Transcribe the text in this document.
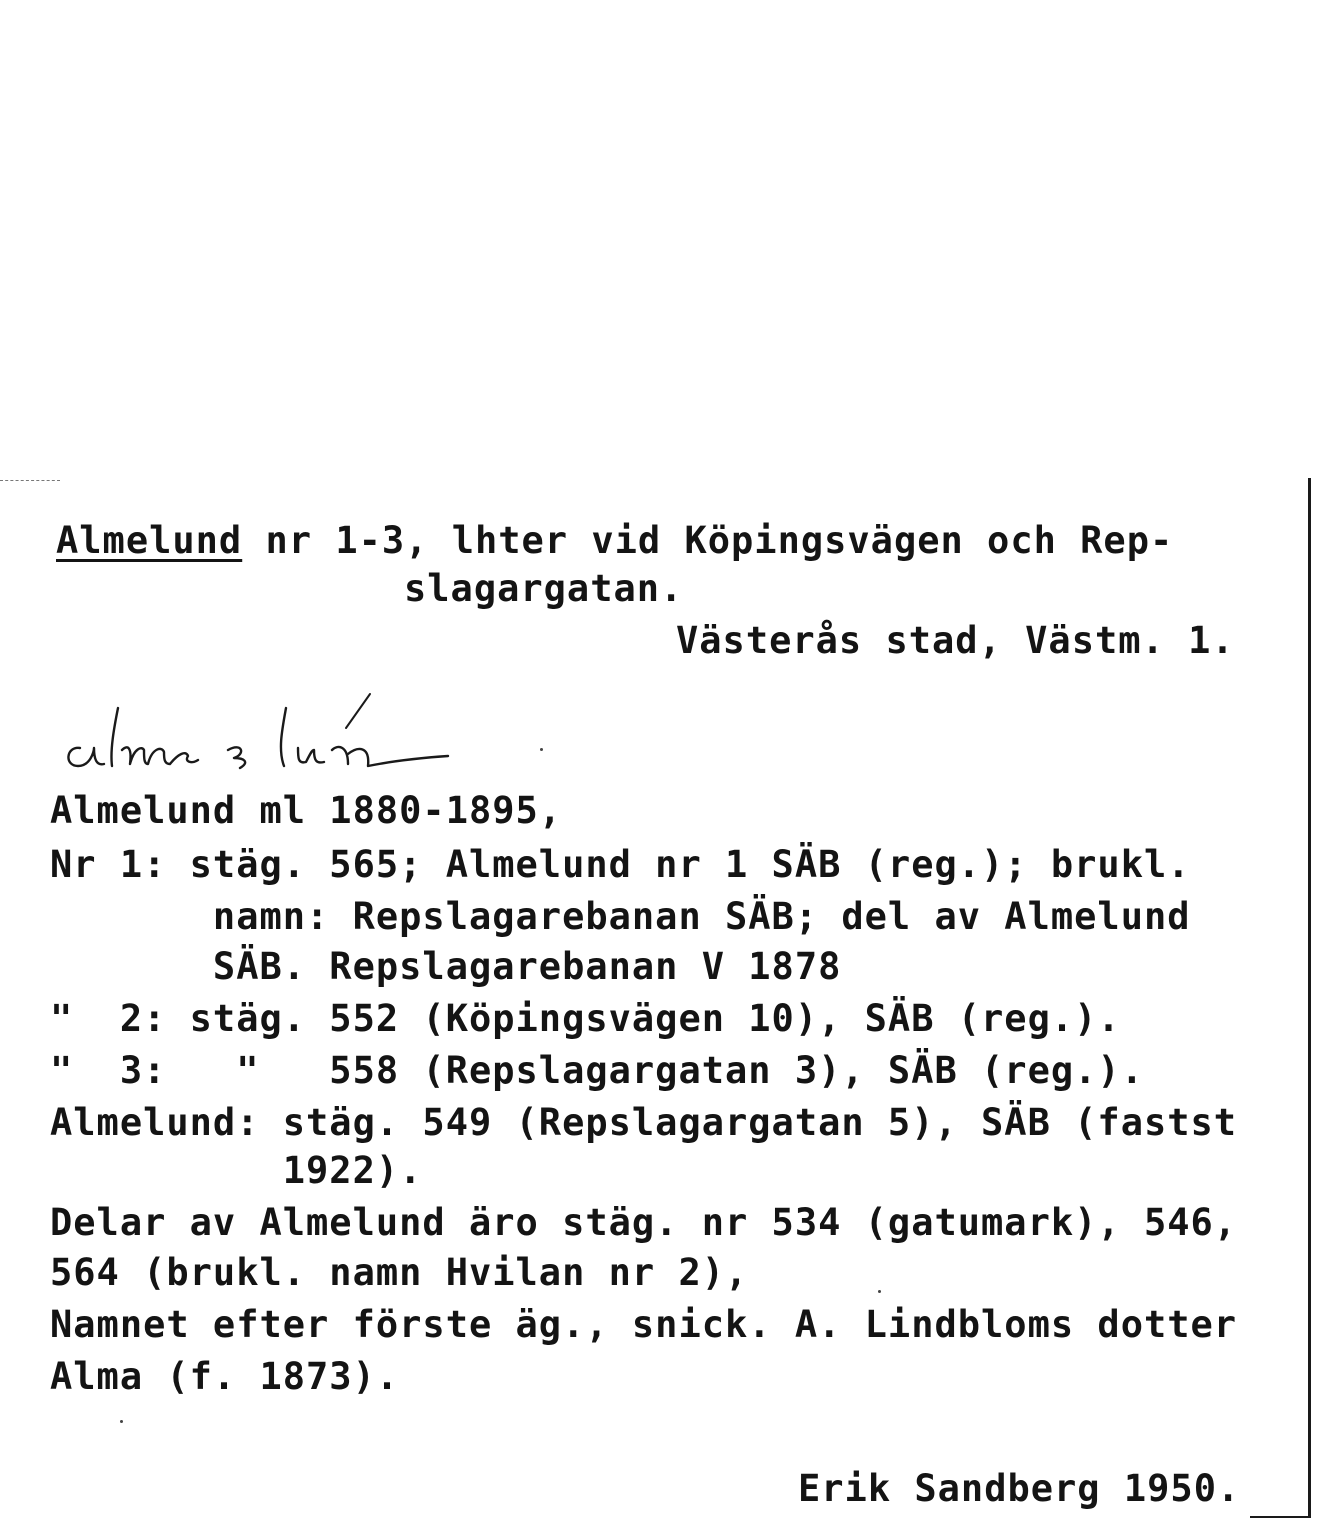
Almelund nr 1-3, lhter vid Köpingsvägen och Rep-
slagargatan.
Västerås stad, Västm. 1.
Almelund ml 1880-1895,
Nr 1: stäg. 565; Almelund nr 1 SÄB (reg.); brukl.
namn: Repslagarebanan SÄB; del av Almelund
SÄB. Repslagarebanan V 1878
"  2: stäg. 552 (Köpingsvägen 10), SÄB (reg.).
"  3:   "   558 (Repslagargatan 3), SÄB (reg.).
Almelund: stäg. 549 (Repslagargatan 5), SÄB (fastst
1922).
Delar av Almelund äro stäg. nr 534 (gatumark), 546,
564 (brukl. namn Hvilan nr 2),
Namnet efter förste äg., snick. A. Lindbloms dotter
Alma (f. 1873).
Erik Sandberg 1950.
